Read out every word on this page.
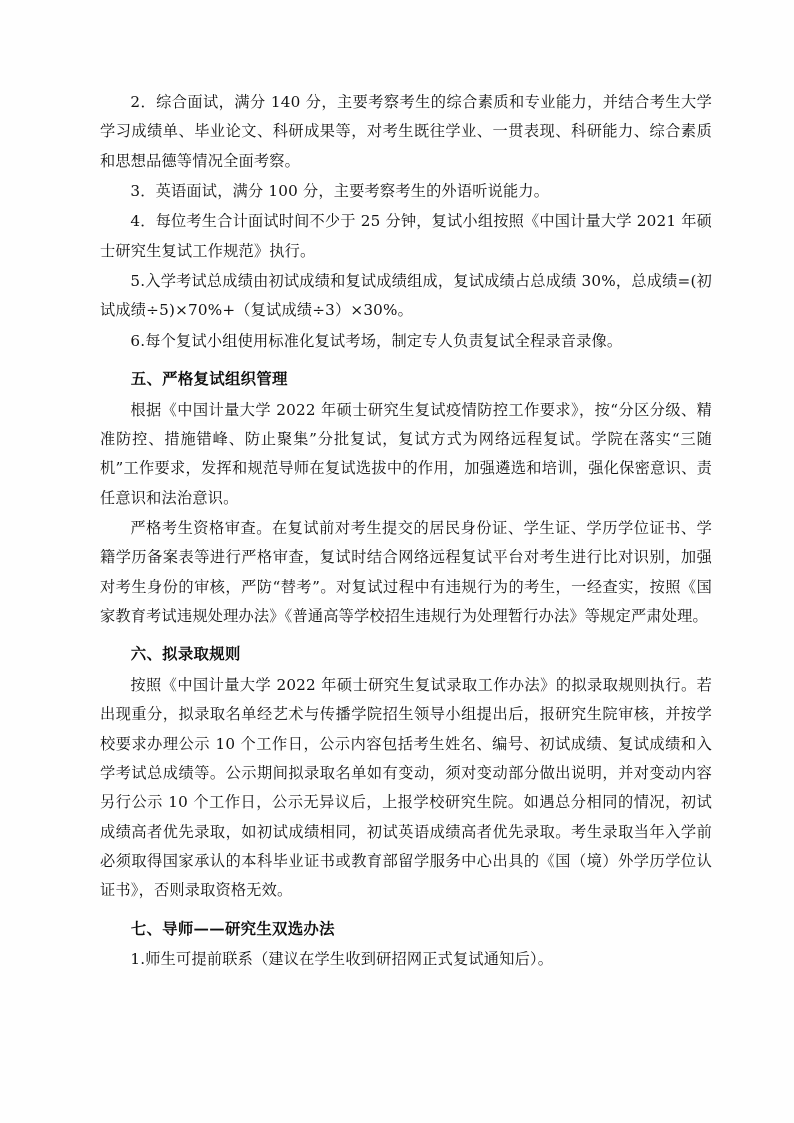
2．综合面试，满分 140 分，主要考察考生的综合素质和专业能力，并结合考生大学学习成绩单、毕业论文、科研成果等，对考生既往学业、一贯表现、科研能力、综合素质和思想品德等情况全面考察。

3．英语面试，满分 100 分，主要考察考生的外语听说能力。

4．每位考生合计面试时间不少于 25 分钟，复试小组按照《中国计量大学 2021 年硕士研究生复试工作规范》执行。

5.入学考试总成绩由初试成绩和复试成绩组成，复试成绩占总成绩 30%，总成绩=(初试成绩÷5)×70%+（复试成绩÷3）×30%。

6.每个复试小组使用标准化复试考场，制定专人负责复试全程录音录像。

五、严格复试组织管理

根据《中国计量大学 2022 年硕士研究生复试疫情防控工作要求》，按“分区分级、精准防控、措施错峰、防止聚集”分批复试，复试方式为网络远程复试。学院在落实“三随机”工作要求，发挥和规范导师在复试选拔中的作用，加强遴选和培训，强化保密意识、责任意识和法治意识。

严格考生资格审查。在复试前对考生提交的居民身份证、学生证、学历学位证书、学籍学历备案表等进行严格审查，复试时结合网络远程复试平台对考生进行比对识别，加强对考生身份的审核，严防“替考”。对复试过程中有违规行为的考生，一经查实，按照《国家教育考试违规处理办法》《普通高等学校招生违规行为处理暂行办法》等规定严肃处理。

六、拟录取规则

按照《中国计量大学 2022 年硕士研究生复试录取工作办法》的拟录取规则执行。若出现重分，拟录取名单经艺术与传播学院招生领导小组提出后，报研究生院审核，并按学校要求办理公示 10 个工作日，公示内容包括考生姓名、编号、初试成绩、复试成绩和入学考试总成绩等。公示期间拟录取名单如有变动，须对变动部分做出说明，并对变动内容另行公示 10 个工作日，公示无异议后，上报学校研究生院。如遇总分相同的情况，初试成绩高者优先录取，如初试成绩相同，初试英语成绩高者优先录取。考生录取当年入学前必须取得国家承认的本科毕业证书或教育部留学服务中心出具的《国（境）外学历学位认证书》，否则录取资格无效。

七、导师——研究生双选办法

1.师生可提前联系（建议在学生收到研招网正式复试通知后）。
